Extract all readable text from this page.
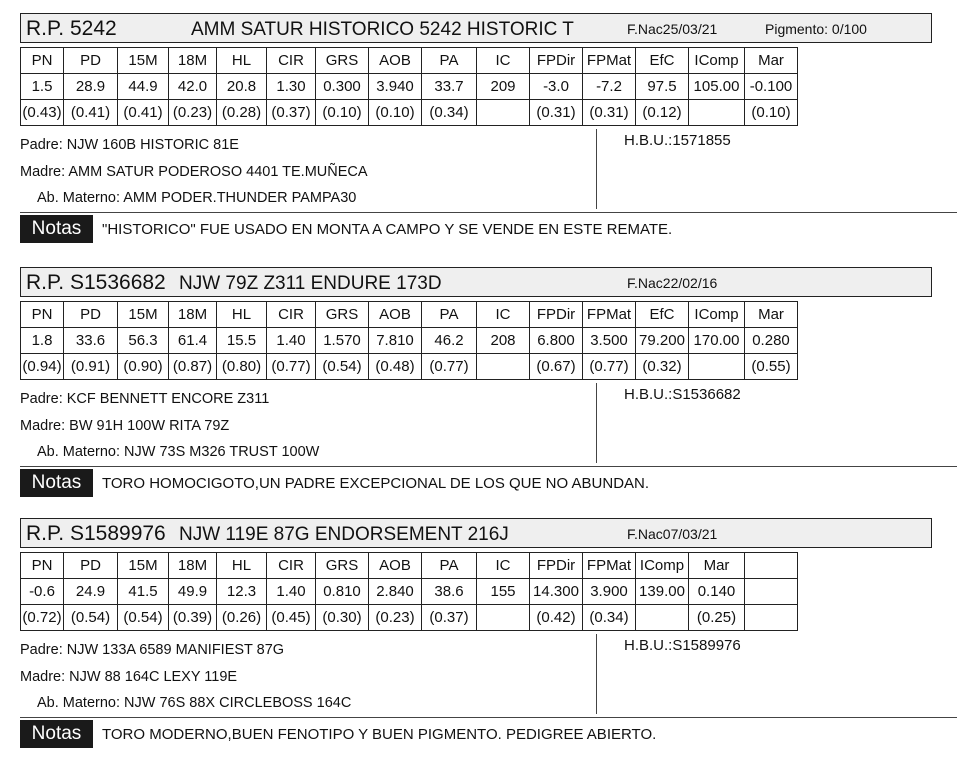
R.P. 5242	AMM SATUR HISTORICO 5242 HISTORIC T	F.Nac25/03/21	Pigmento: 0/100
PN	PD	15M	18M	HL	CIR	GRS	AOB	PA	IC	FPDir	FPMat	EfC	IComp	Mar
1.5	28.9	44.9	42.0	20.8	1.30	0.300	3.940	33.7	209	-3.0	-7.2	97.5	105.00	-0.100
(0.43)	(0.41)	(0.41)	(0.23)	(0.28)	(0.37)	(0.10)	(0.10)	(0.34)		(0.31)	(0.31)	(0.12)		(0.10)
Padre: NJW 160B HISTORIC 81E
Madre: AMM SATUR PODEROSO 4401 TE.MUÑECA
Ab. Materno: AMM PODER.THUNDER PAMPA30
H.B.U.:1571855
Notas	"HISTORICO" FUE USADO EN MONTA A CAMPO Y SE VENDE EN ESTE REMATE.
R.P. S1536682 NJW 79Z Z311 ENDURE 173D	F.Nac22/02/16
PN	PD	15M	18M	HL	CIR	GRS	AOB	PA	IC	FPDir	FPMat	EfC	IComp	Mar
1.8	33.6	56.3	61.4	15.5	1.40	1.570	7.810	46.2	208	6.800	3.500	79.200	170.00	0.280
(0.94)	(0.91)	(0.90)	(0.87)	(0.80)	(0.77)	(0.54)	(0.48)	(0.77)		(0.67)	(0.77)	(0.32)		(0.55)
Padre: KCF BENNETT ENCORE Z311
Madre: BW 91H 100W RITA 79Z
Ab. Materno: NJW 73S M326 TRUST 100W
H.B.U.:S1536682
Notas	TORO HOMOCIGOTO,UN PADRE EXCEPCIONAL DE LOS QUE NO ABUNDAN.
R.P. S1589976 NJW 119E 87G ENDORSEMENT 216J	F.Nac07/03/21
PN	PD	15M	18M	HL	CIR	GRS	AOB	PA	IC	FPDir	FPMat	IComp	Mar	
-0.6	24.9	41.5	49.9	12.3	1.40	0.810	2.840	38.6	155	14.300	3.900	139.00	0.140	
(0.72)	(0.54)	(0.54)	(0.39)	(0.26)	(0.45)	(0.30)	(0.23)	(0.37)		(0.42)	(0.34)		(0.25)	
Padre: NJW 133A 6589 MANIFIEST 87G
Madre: NJW 88 164C LEXY 119E
Ab. Materno: NJW 76S 88X CIRCLEBOSS 164C
H.B.U.:S1589976
Notas	TORO MODERNO,BUEN FENOTIPO Y BUEN PIGMENTO. PEDIGREE ABIERTO.
